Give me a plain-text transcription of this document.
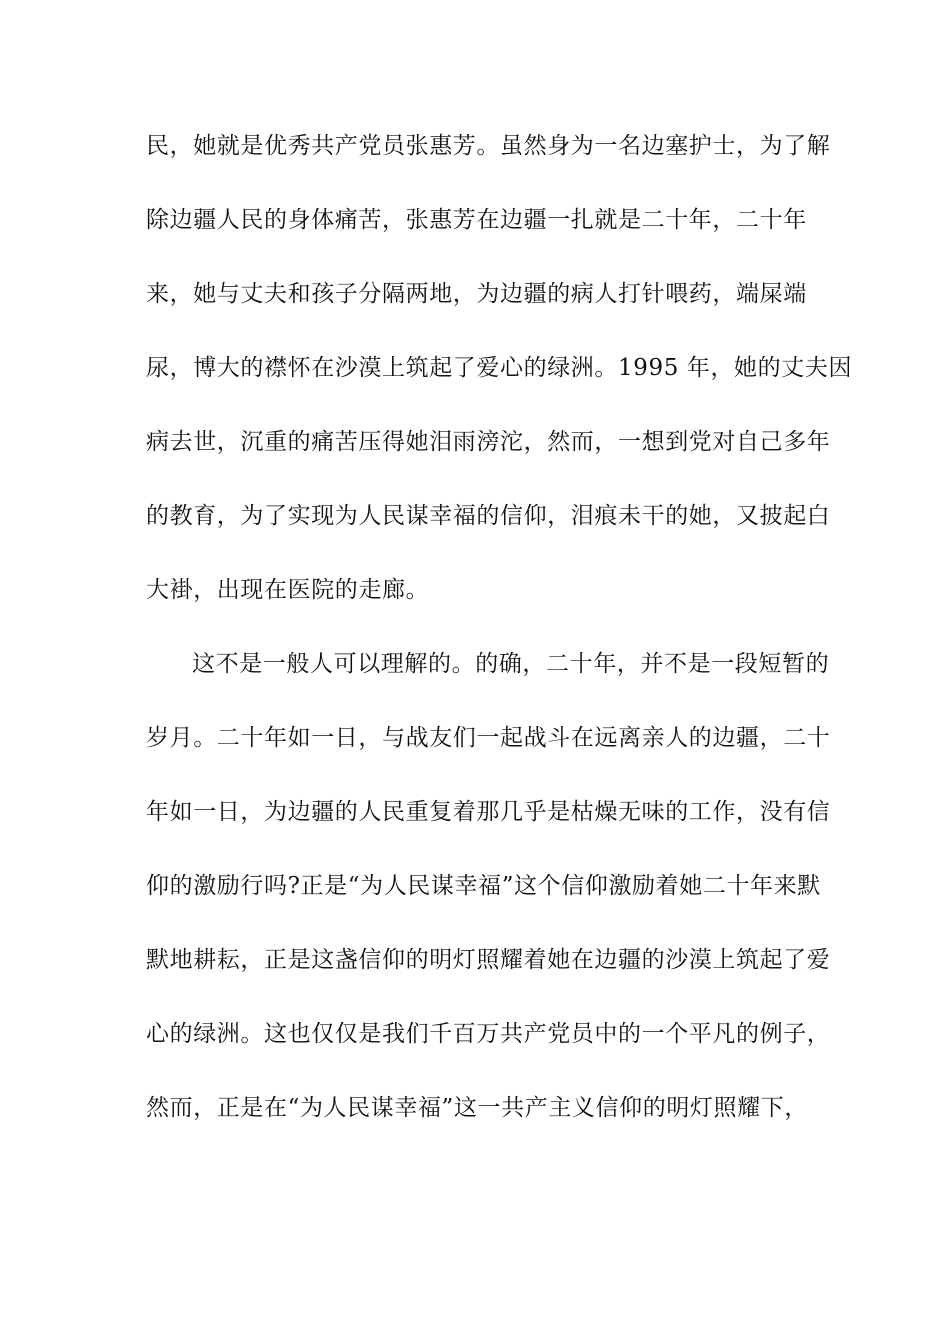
民，她就是优秀共产党员张惠芳。虽然身为一名边塞护士，为了解
除边疆人民的身体痛苦，张惠芳在边疆一扎就是二十年，二十年
来，她与丈夫和孩子分隔两地，为边疆的病人打针喂药，端屎端
尿，博大的襟怀在沙漠上筑起了爱心的绿洲。1995 年，她的丈夫因
病去世，沉重的痛苦压得她泪雨滂沱，然而，一想到党对自己多年
的教育，为了实现为人民谋幸福的信仰，泪痕未干的她，又披起白
大褂，出现在医院的走廊。
这不是一般人可以理解的。的确，二十年，并不是一段短暂的
岁月。二十年如一日，与战友们一起战斗在远离亲人的边疆，二十
年如一日，为边疆的人民重复着那几乎是枯燥无味的工作，没有信
仰的激励行吗?正是“为人民谋幸福”这个信仰激励着她二十年来默
默地耕耘，正是这盏信仰的明灯照耀着她在边疆的沙漠上筑起了爱
心的绿洲。这也仅仅是我们千百万共产党员中的一个平凡的例子，
然而，正是在“为人民谋幸福”这一共产主义信仰的明灯照耀下，
